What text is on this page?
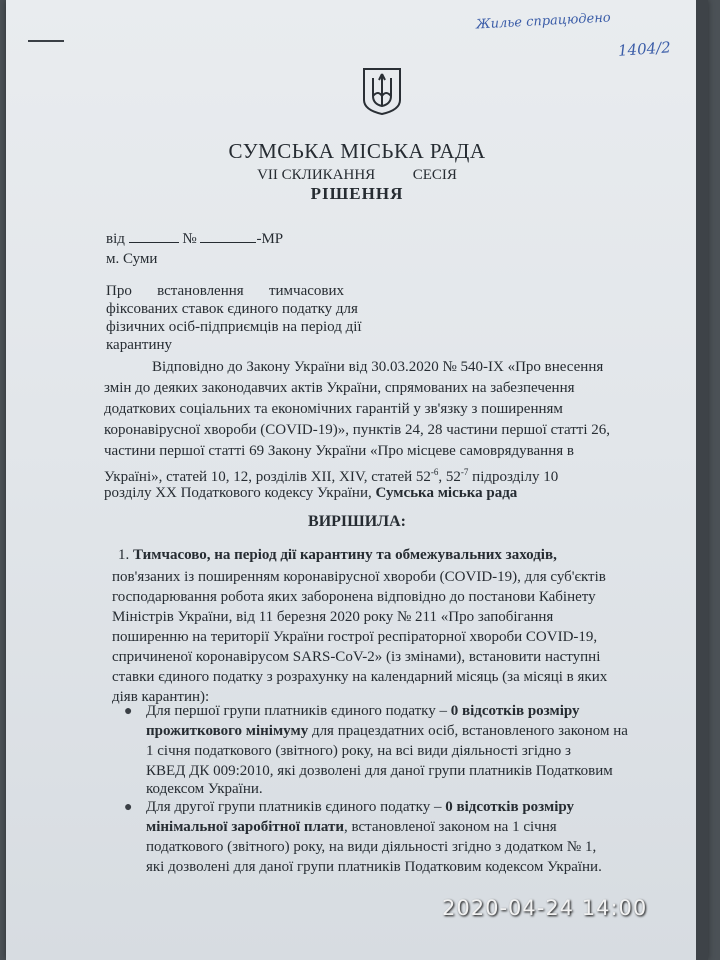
Жилье спрацюдено
1404/2
СУМСЬКА МІСЬКА РАДА
VII СКЛИКАННЯ	СЕСІЯ
РІШЕННЯ
від	№	-МР
м. Суми
Про встановлення тимчасових
фіксованих ставок єдиного податку для
фізичних осіб-підприємців на період дії
карантину
Відповідно до Закону України від 30.03.2020 № 540-IX «Про внесення
змін до деяких законодавчих актів України, спрямованих на забезпечення
додаткових соціальних та економічних гарантій у зв'язку з поширенням
коронавірусної хвороби (COVID-19)», пунктів 24, 28 частини першої статті 26,
частини першої статті 69 Закону України «Про місцеве самоврядування в
Україні», статей 10, 12, розділів XII, XIV, статей $52^{-6}$, $52^{-7}$ підрозділу 10
розділу XX Податкового кодексу України, Сумська міська рада
ВИРІШИЛА:
1. Тимчасово, на період дії карантину та обмежувальних заходів,
пов'язаних із поширенням коронавірусної хвороби (COVID-19), для суб'єктів
господарювання робота яких заборонена відповідно до постанови Кабінету
Міністрів України, від 11 березня 2020 року № 211 «Про запобігання
поширенню на території України гострої респіраторної хвороби COVID-19,
спричиненої коронавірусом SARS-CoV-2» (із змінами), встановити наступні
ставки єдиного податку з розрахунку на календарний місяць (за місяці в яких
діяв карантин):
● Для першої групи платників єдиного податку – 0 відсотків розміру
прожиткового мінімуму для працездатних осіб, встановленого законом на
1 січня податкового (звітного) року, на всі види діяльності згідно з
КВЕД ДК 009:2010, які дозволені для даної групи платників Податковим
кодексом України.
● Для другої групи платників єдиного податку – 0 відсотків розміру
мінімальної заробітної плати, встановленої законом на 1 січня
податкового (звітного) року, на види діяльності згідно з додатком № 1,
які дозволені для даної групи платників Податковим кодексом України.
2020-04-24 14:00
